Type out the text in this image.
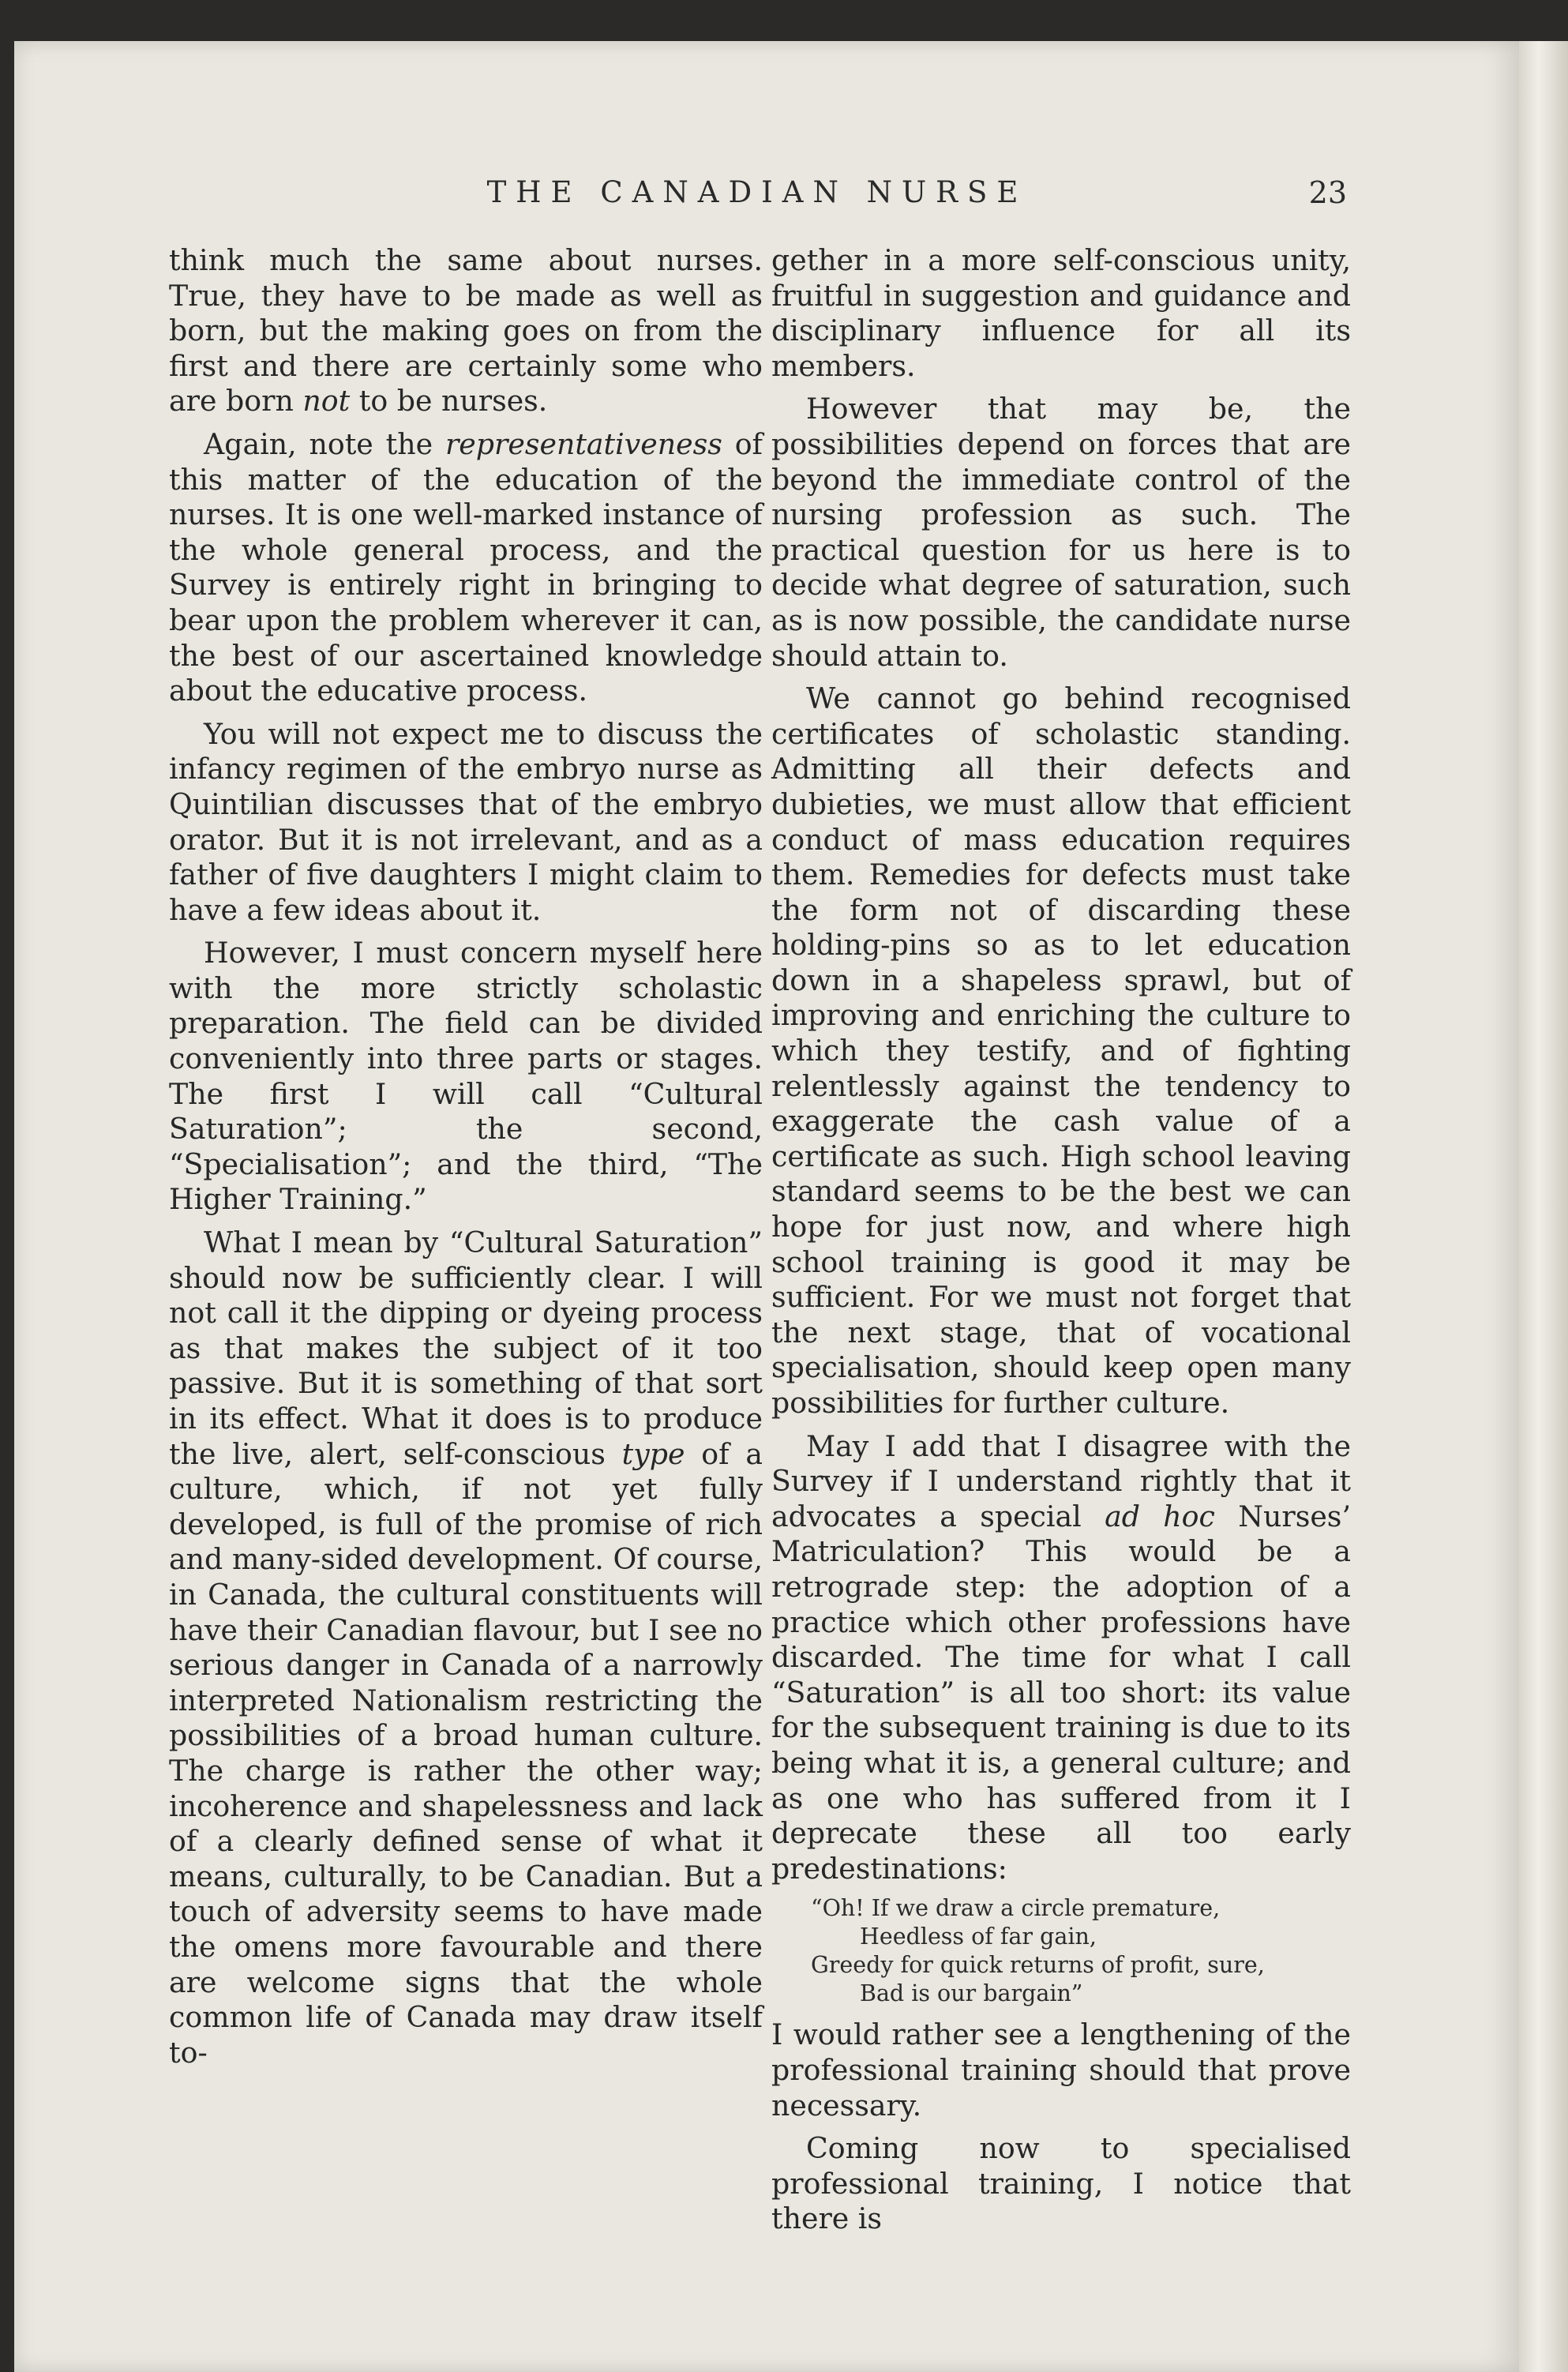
THE CANADIAN NURSE	23

think much the same about nurses. True, they have to be made as well as born, but the making goes on from the first and there are certainly some who are born not to be nurses.

Again, note the representativeness of this matter of the education of the nurses. It is one well-marked instance of the whole general process, and the Survey is entirely right in bringing to bear upon the problem wherever it can, the best of our ascertained knowledge about the educative process.

You will not expect me to discuss the infancy regimen of the embryo nurse as Quintilian discusses that of the embryo orator. But it is not irrelevant, and as a father of five daughters I might claim to have a few ideas about it.

However, I must concern myself here with the more strictly scholastic preparation. The field can be divided conveniently into three parts or stages. The first I will call “Cultural Saturation”; the second, “Specialisation”; and the third, “The Higher Training.”

What I mean by “Cultural Saturation” should now be sufficiently clear. I will not call it the dipping or dyeing process as that makes the subject of it too passive. But it is something of that sort in its effect. What it does is to produce the live, alert, self-conscious type of a culture, which, if not yet fully developed, is full of the promise of rich and many-sided development. Of course, in Canada, the cultural constituents will have their Canadian flavour, but I see no serious danger in Canada of a narrowly interpreted Nationalism restricting the possibilities of a broad human culture. The charge is rather the other way; incoherence and shapelessness and lack of a clearly defined sense of what it means, culturally, to be Canadian. But a touch of adversity seems to have made the omens more favourable and there are welcome signs that the whole common life of Canada may draw itself to-

gether in a more self-conscious unity, fruitful in suggestion and guidance and disciplinary influence for all its members.

However that may be, the possibilities depend on forces that are beyond the immediate control of the nursing profession as such. The practical question for us here is to decide what degree of saturation, such as is now possible, the candidate nurse should attain to.

We cannot go behind recognised certificates of scholastic standing. Admitting all their defects and dubieties, we must allow that efficient conduct of mass education requires them. Remedies for defects must take the form not of discarding these holding-pins so as to let education down in a shapeless sprawl, but of improving and enriching the culture to which they testify, and of fighting relentlessly against the tendency to exaggerate the cash value of a certificate as such. High school leaving standard seems to be the best we can hope for just now, and where high school training is good it may be sufficient. For we must not forget that the next stage, that of vocational specialisation, should keep open many possibilities for further culture.

May I add that I disagree with the Survey if I understand rightly that it advocates a special ad hoc Nurses’ Matriculation? This would be a retrograde step: the adoption of a practice which other professions have discarded. The time for what I call “Saturation” is all too short: its value for the subsequent training is due to its being what it is, a general culture; and as one who has suffered from it I deprecate these all too early predestinations:

“Oh! If we draw a circle premature,
Heedless of far gain,
Greedy for quick returns of profit, sure,
Bad is our bargain”

I would rather see a lengthening of the professional training should that prove necessary.

Coming now to specialised professional training, I notice that there is
